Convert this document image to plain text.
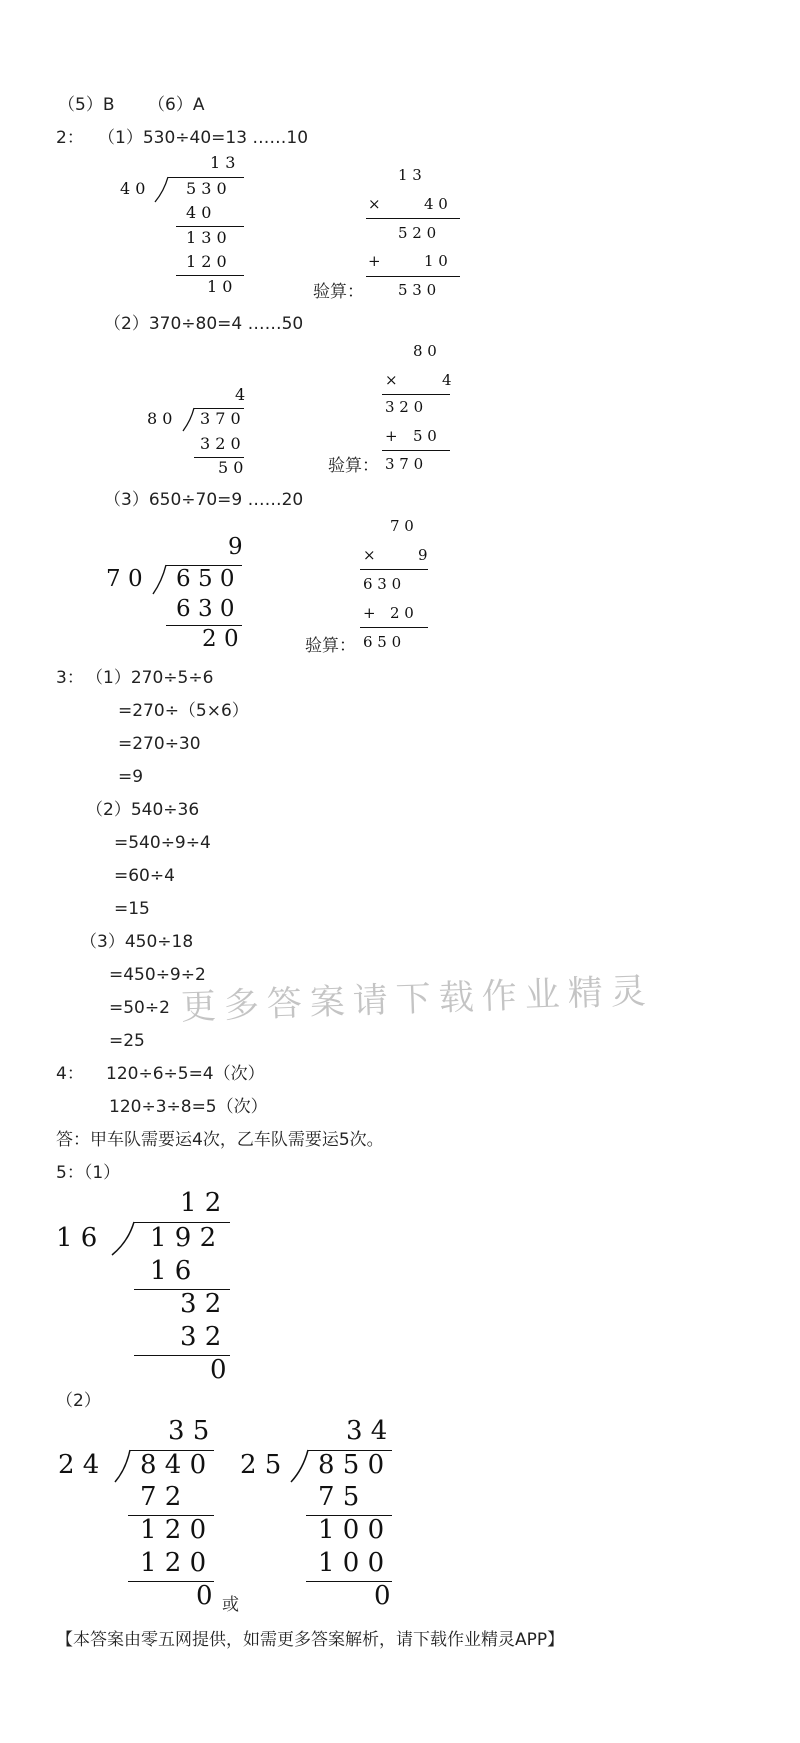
更多答案请下载作业精灵
（5）B （6）A
2： （1）530÷40=13 ……10
1 3
4 0	5 3 0
4 0
1 3 0
1 2 0
1 0
1 3
×	4 0
5 2 0
+	1 0
验算： 5 3 0
（2）370÷80=4 ……50
4
8 0 3 7 0
3 2 0
5 0
8 0
×	4
3 2 0
+ 5 0
验算： 3 7 0
（3）650÷70=9 ……20
9
7 0 6 5 0
6 3 0
2 0
7 0
×	9
6 3 0
+ 2 0
验算： 6 5 0
3： （1）270÷5÷6
=270÷（5×6）
=270÷30
=9
（2）540÷36
=540÷9÷4
=60÷4
=15
（3）450÷18
=450÷9÷2
=50÷2
=25
4： 120÷6÷5=4（次）
120÷3÷8=5（次）
答：甲车队需要运4次，乙车队需要运5次。
5：（1）
1 2
1 6 1 9 2
1 6
3 2
3 2
0
（2）
3 5
2 4 8 4 0
7 2
1 2 0
1 2 0
0 或
3 4
2 5 8 5 0
7 5
1 0 0
1 0 0
0
【本答案由零五网提供，如需更多答案解析，请下载作业精灵APP】
